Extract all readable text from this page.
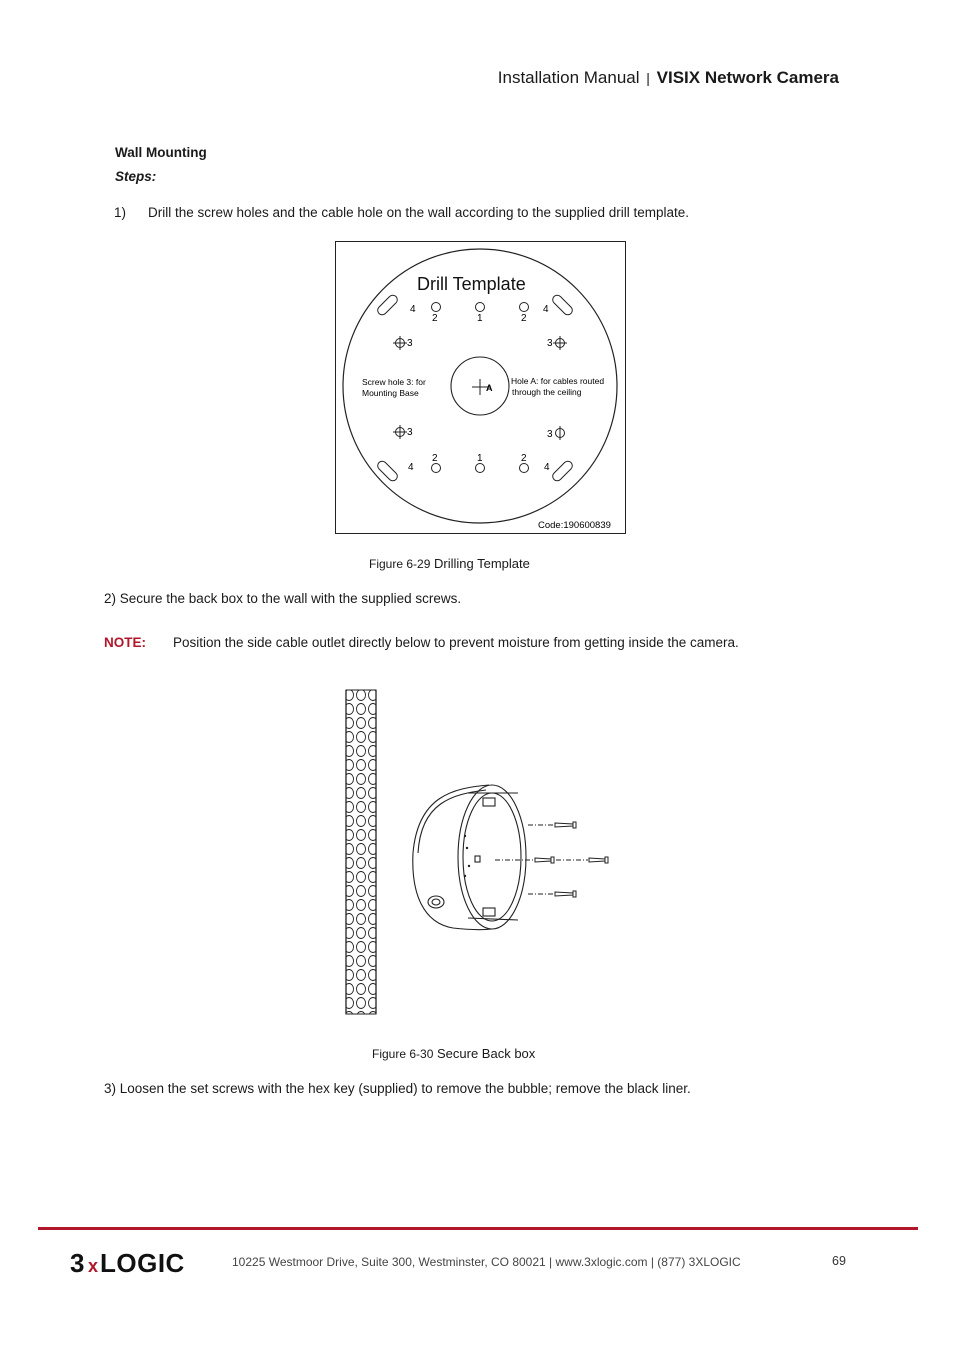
Installation Manual | VISIX Network Camera
Wall Mounting
Steps:
1) Drill the screw holes and the cable hole on the wall according to the supplied drill template.
Drill Template
4	4
4	4
2	1	2
2	1	2
3	3
3	3
A
Screw hole 3: for
Mounting Base
Hole A: for cables routed
through the ceiling
Code:190600839
Figure 6-29 Drilling Template
2) Secure the back box to the wall with the supplied screws.
NOTE: Position the side cable outlet directly below to prevent moisture from getting inside the camera.
Figure 6-30 Secure Back box
3) Loosen the set screws with the hex key (supplied) to remove the bubble; remove the black liner.
3 x LOGIC	10225 Westmoor Drive, Suite 300, Westminster, CO 80021 | www.3xlogic.com | (877) 3XLOGIC	69
